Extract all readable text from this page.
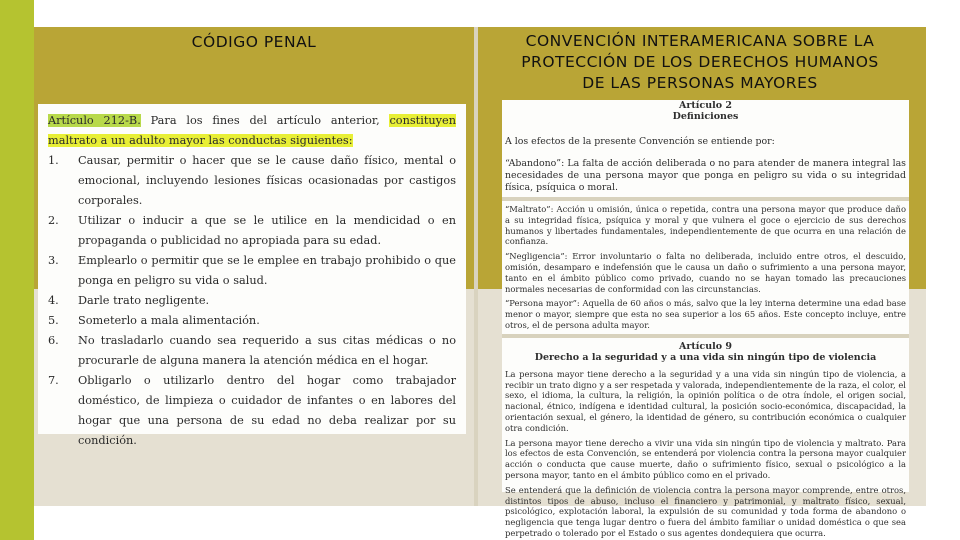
CÓDIGO PENAL	CONVENCIÓN INTERAMERICANA SOBRE LA
PROTECCIÓN DE LOS DERECHOS HUMANOS
DE LAS PERSONAS MAYORES
Artículo 212-B. Para los fines del artículo anterior, constituyen maltrato a un adulto mayor las conductas siguientes:
1.	Causar, permitir o hacer que se le cause daño físico, mental o emocional, incluyendo lesiones físicas ocasionadas por castigos corporales.
2.	Utilizar o inducir a que se le utilice en la mendicidad o en propaganda o publicidad no apropiada para su edad.
3.	Emplearlo o permitir que se le emplee en trabajo prohibido o que ponga en peligro su vida o salud.
4.	Darle trato negligente.
5.	Someterlo a mala alimentación.
6.	No trasladarlo cuando sea requerido a sus citas médicas o no procurarle de alguna manera la atención médica en el hogar.
7.	Obligarlo o utilizarlo dentro del hogar como trabajador doméstico, de limpieza o cuidador de infantes o en labores del hogar que una persona de su edad no deba realizar por su condición.
Artículo 2
Definiciones
A los efectos de la presente Convención se entiende por:
“Abandono”: La falta de acción deliberada o no para atender de manera integral las necesidades de una persona mayor que ponga en peligro su vida o su integridad física, psíquica o moral.
“Maltrato”: Acción u omisión, única o repetida, contra una persona mayor que produce daño a su integridad física, psíquica y moral y que vulnera el goce o ejercicio de sus derechos humanos y libertades fundamentales, independientemente de que ocurra en una relación de confianza.
“Negligencia”: Error involuntario o falta no deliberada, incluido entre otros, el descuido, omisión, desamparo e indefensión que le causa un daño o sufrimiento a una persona mayor, tanto en el ámbito público como privado, cuando no se hayan tomado las precauciones normales necesarias de conformidad con las circunstancias.
“Persona mayor”: Aquella de 60 años o más, salvo que la ley interna determine una edad base menor o mayor, siempre que esta no sea superior a los 65 años. Este concepto incluye, entre otros, el de persona adulta mayor.
Artículo 9
Derecho a la seguridad y a una vida sin ningún tipo de violencia
La persona mayor tiene derecho a la seguridad y a una vida sin ningún tipo de violencia, a recibir un trato digno y a ser respetada y valorada, independientemente de la raza, el color, el sexo, el idioma, la cultura, la religión, la opinión política o de otra índole, el origen social, nacional, étnico, indígena e identidad cultural, la posición socio-económica, discapacidad, la orientación sexual, el género, la identidad de género, su contribución económica o cualquier otra condición.
La persona mayor tiene derecho a vivir una vida sin ningún tipo de violencia y maltrato. Para los efectos de esta Convención, se entenderá por violencia contra la persona mayor cualquier acción o conducta que cause muerte, daño o sufrimiento físico, sexual o psicológico a la persona mayor, tanto en el ámbito público como en el privado.
Se entenderá que la definición de violencia contra la persona mayor comprende, entre otros, distintos tipos de abuso, incluso el financiero y patrimonial, y maltrato físico, sexual, psicológico, explotación laboral, la expulsión de su comunidad y toda forma de abandono o negligencia que tenga lugar dentro o fuera del ámbito familiar o unidad doméstica o que sea perpetrado o tolerado por el Estado o sus agentes dondequiera que ocurra.
